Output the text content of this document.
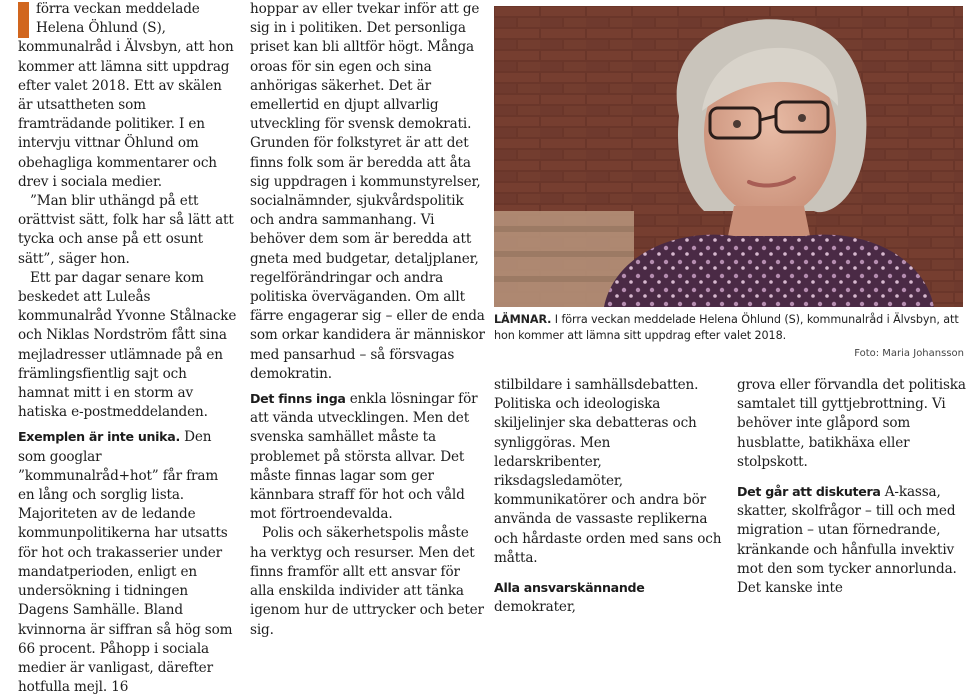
förra veckan meddelade Helena Öhlund (S), kommunalråd i Älvsbyn, att hon kommer att lämna sitt uppdrag efter valet 2018. Ett av skälen är utsattheten som framträdande politiker. I en intervju vittnar Öhlund om obehagliga kommentarer och drev i sociala medier.

”Man blir uthängd på ett orättvist sätt, folk har så lätt att tycka och anse på ett osunt sätt”, säger hon.

Ett par dagar senare kom beskedet att Luleås kommunalråd Yvonne Stålnacke och Niklas Nordström fått sina mejladresser utlämnade på en främlingsfientlig sajt och hamnat mitt i en storm av hatiska e-postmeddelanden.

Exemplen är inte unika. Den som googlar ”kommunalråd+hot” får fram en lång och sorglig lista. Majoriteten av de ledande kommunpolitikerna har utsatts för hot och trakasserier under mandatperioden, enligt en undersökning i tidningen Dagens Samhälle. Bland kvinnorna är siffran så hög som 66 procent. Påhopp i sociala medier är vanligast, därefter hotfulla mejl. 16

hoppar av eller tvekar inför att ge sig in i politiken. Det personliga priset kan bli alltför högt. Många oroas för sin egen och sina anhörigas säkerhet. Det är emellertid en djupt allvarlig utveckling för svensk demokrati. Grunden för folkstyret är att det finns folk som är beredda att åta sig uppdragen i kommunstyrelser, socialnämnder, sjukvårdspolitik och andra sammanhang. Vi behöver dem som är beredda att gneta med budgetar, detaljplaner, regelförändringar och andra politiska överväganden. Om allt färre engagerar sig – eller de enda som orkar kandidera är människor med pansarhud – så försvagas demokratin.

Det finns inga enkla lösningar för att vända utvecklingen. Men det svenska samhället måste ta problemet på största allvar. Det måste finnas lagar som ger kännbara straff för hot och våld mot förtroendevalda.

Polis och säkerhetspolis måste ha verktyg och resurser. Men det finns framför allt ett ansvar för alla enskilda individer att tänka igenom hur de uttrycker och beter sig.

LÄMNAR. I förra veckan meddelade Helena Öhlund (S), kommunalråd i Älvsbyn, att hon kommer att lämna sitt uppdrag efter valet 2018.
Foto: Maria Johansson

stilbildare i samhällsdebatten. Politiska och ideologiska skiljelinjer ska debatteras och synliggöras. Men ledarskribenter, riksdagsledamöter, kommunikatörer och andra bör använda de vassaste replikerna och hårdaste orden med sans och måtta.

Alla ansvarskännande demokrater,

grova eller förvandla det politiska samtalet till gyttjebrottning. Vi behöver inte glåpord som husblatte, batikhäxa eller stolpskott.

Det går att diskutera A-kassa, skatter, skolfrågor – till och med migration – utan förnedrande, kränkande och hånfulla invektiv mot den som tycker annorlunda. Det kanske inte
